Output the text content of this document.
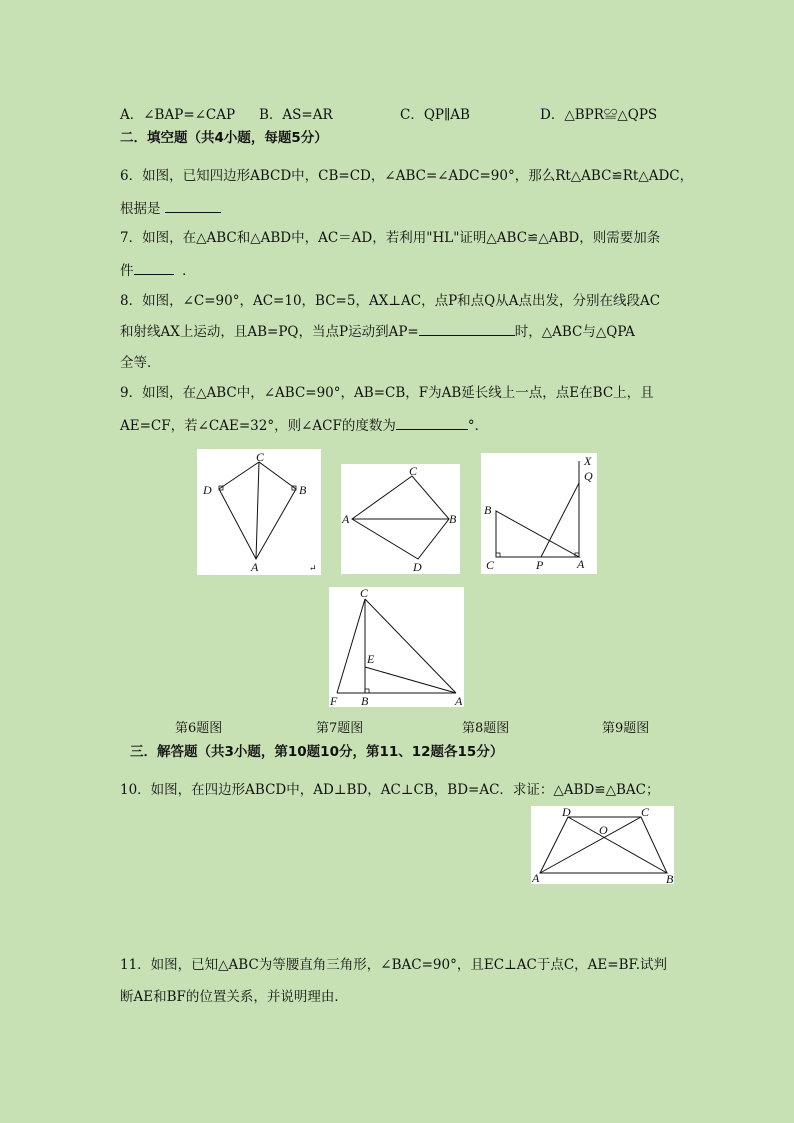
A．∠BAP=∠CAP B．AS=AR	C．QP∥AB	D．△BPR≌△QPS
二．填空题（共4小题，每题5分）
6．如图，已知四边形ABCD中，CB=CD，∠ABC=∠ADC=90°，那么Rt△ABC≌Rt△ADC，
根据是
7．如图，在△ABC和△ABD中，AC＝AD，若利用"HL"证明△ABC≌△ABD，则需要加条
件	．
8．如图，∠C=90°，AC=10，BC=5，AX⊥AC，点P和点Q从A点出发，分别在线段AC
和射线AX上运动，且AB=PQ，当点P运动到AP=	时，△ABC与△QPA
全等．
9．如图，在△ABC中，∠ABC=90°，AB=CB，F为AB延长线上一点，点E在BC上，且
AE=CF，若∠CAE=32°，则∠ACF的度数为	°．
C
D	B
A	↵
C
A	B
D
X
Q
B
C	P	A
C
E
F B	A
第6题图	第7题图	第8题图	第9题图
三．解答题（共3小题，第10题10分，第11、12题各15分）
10．如图，在四边形ABCD中，AD⊥BD，AC⊥CB，BD=AC．求证：△ABD≌△BAC；
D	C
O
A	B
11．如图，已知△ABC为等腰直角三角形，∠BAC=90°，且EC⊥AC于点C，AE=BF.试判
断AE和BF的位置关系，并说明理由．
